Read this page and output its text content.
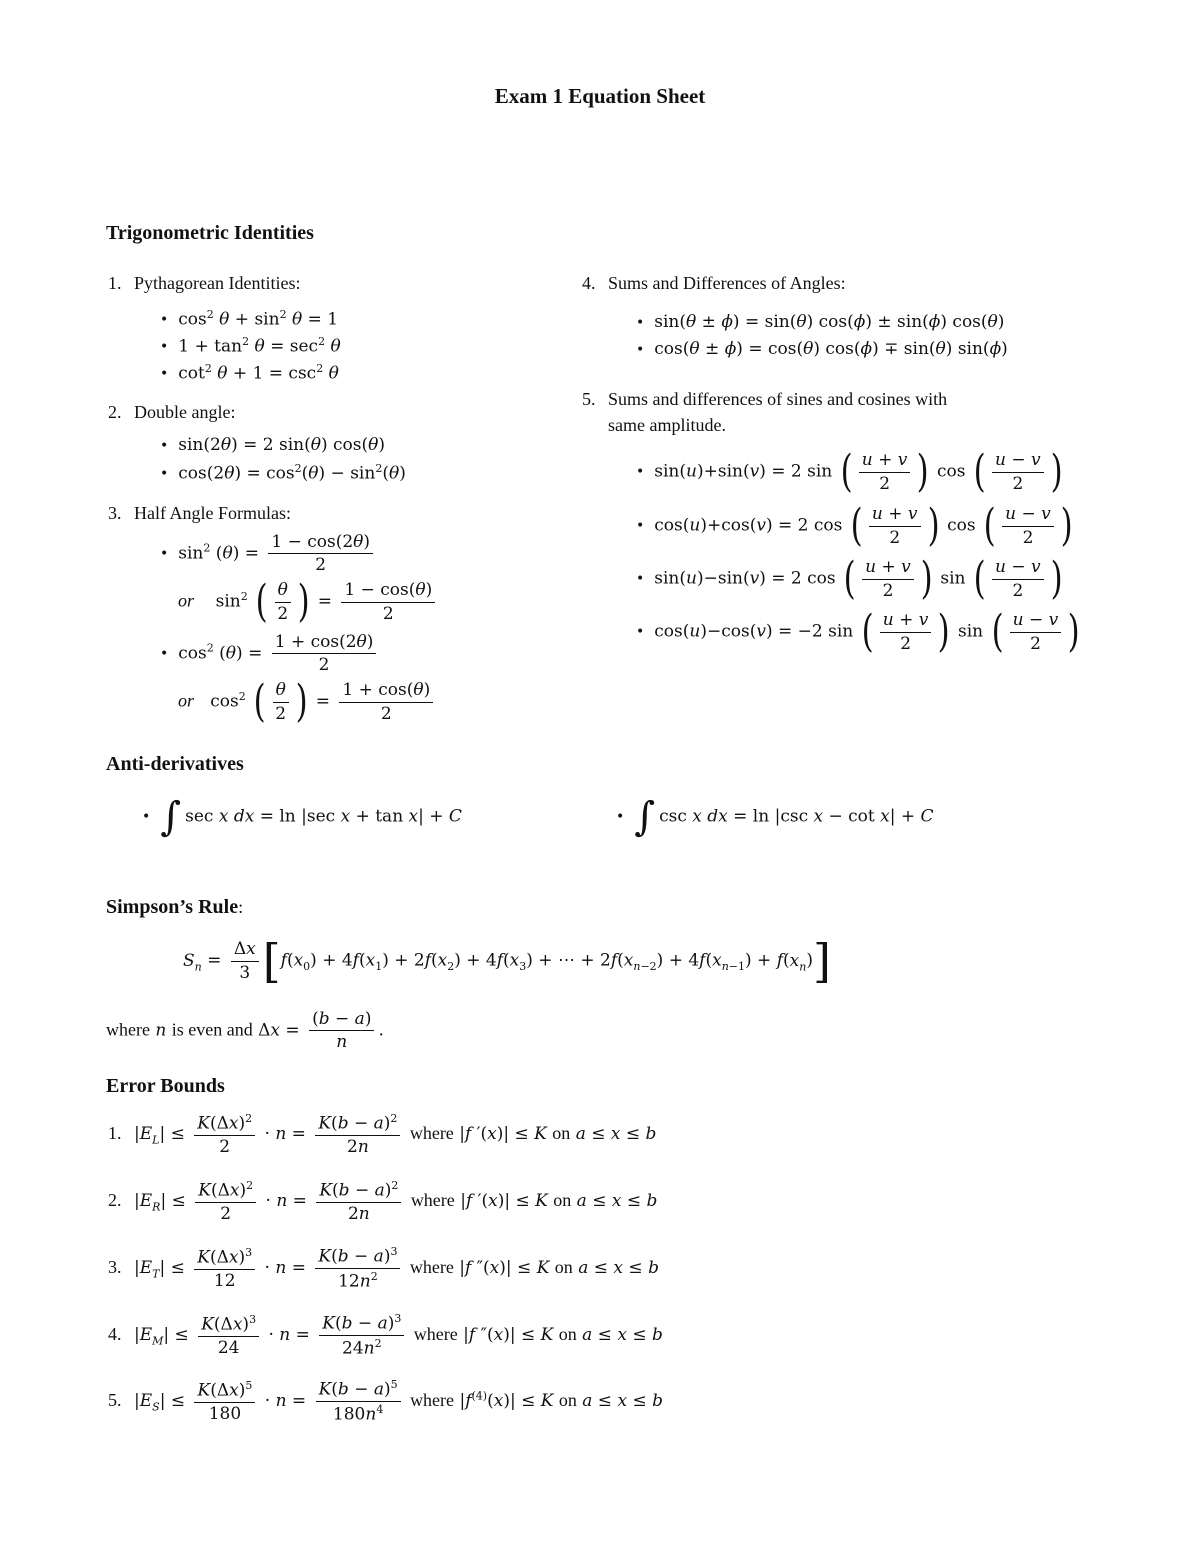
Exam 1 Equation Sheet
Trigonometric Identities
1. Pythagorean Identities:
• $\cos^2 \theta + \sin^2 \theta = 1$
• $1 + \tan^2 \theta = \sec^2 \theta$
• $\cot^2 \theta + 1 = \csc^2 \theta$
2. Double angle:
• sin(2θ) = 2 sin(θ) cos(θ)
• $\cos(2\theta) = \cos^2(\theta) - \sin^2(\theta)$
3. Half Angle Formulas:
• $\sin^2 (\theta) = \frac{1 - \cos(2\theta)}{2}$
or    $\sin^2$ ( $\frac{\theta}{2}$ ) = $\frac{1 - \cos(\theta)}{2}$
• $\cos^2 (\theta) = \frac{1 + \cos(2\theta)}{2}$
or   $\cos^2$ ( $\frac{\theta}{2}$ ) = $\frac{1 + \cos(\theta)}{2}$
4. Sums and Differences of Angles:
• sin(θ ± ϕ) = sin(θ) cos(ϕ) ± sin(ϕ) cos(θ)
• cos(θ ± ϕ) = cos(θ) cos(ϕ) ∓ sin(θ) sin(ϕ)
5. Sums and differences of sines and cosines with
same amplitude.
• sin(u)+sin(v) = 2 sin ( $\frac{u + v}{2}$ ) cos ( $\frac{u - v}{2}$ )
• cos(u)+cos(v) = 2 cos ( $\frac{u + v}{2}$ ) cos ( $\frac{u - v}{2}$ )
• sin(u)−sin(v) = 2 cos ( $\frac{u + v}{2}$ ) sin ( $\frac{u - v}{2}$ )
• cos(u)−cos(v) = −2 sin ( $\frac{u + v}{2}$ ) sin ( $\frac{u - v}{2}$ )
Anti-derivatives
• ∫ sec x dx = ln |sec x + tan x| + C	• ∫ csc x dx = ln |csc x − cot x| + C
Simpson’s Rule:
$S_n = \frac{\Delta x}{3} [f(x_0) + 4f(x_1) + 2f(x_2) + 4f(x_3)$ + ⋯ + $2f(x_{n-2}) + 4f(x_{n-1}) + f(x_n)$]
where n is even and $\Delta x = \frac{(b - a)}{n}$ .
Error Bounds
1. $|E_L| \le \frac{K(\Delta x)^2}{2} \cdot n = \frac{K(b - a)^2}{2n}$ where |f ′(x)| ≤ K on a ≤ x ≤ b
2. $|E_R| \le \frac{K(\Delta x)^2}{2} \cdot n = \frac{K(b - a)^2}{2n}$ where |f ′(x)| ≤ K on a ≤ x ≤ b
3. $|E_T| \le \frac{K(\Delta x)^3}{12} \cdot n = \frac{K(b - a)^3}{12n^2}$ where |f ″(x)| ≤ K on a ≤ x ≤ b
4. $|E_M| \le \frac{K(\Delta x)^3}{24} \cdot n = \frac{K(b - a)^3}{24n^2}$ where |f ″(x)| ≤ K on a ≤ x ≤ b
5. $|E_S| \le \frac{K(\Delta x)^5}{180} \cdot n = \frac{K(b - a)^5}{180n^4}$ where $|f^{(4)}(x)| \le K$ on a ≤ x ≤ b
